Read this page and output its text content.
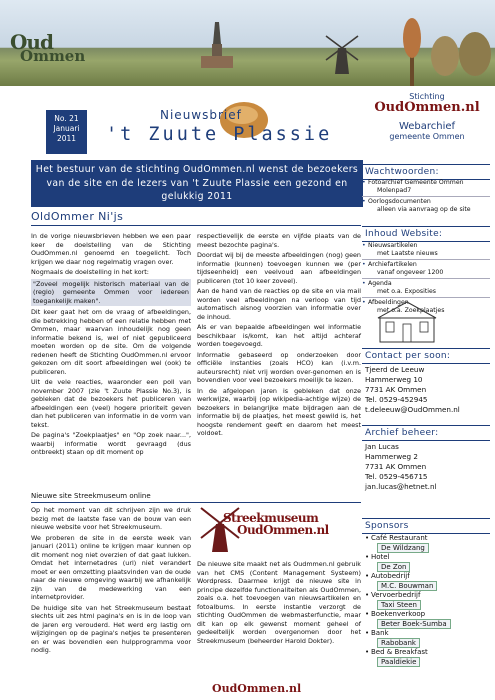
Oud
Ommen
No. 21
Januari
2011
Nieuwsbrief
't Zuute Plassie
Stichting
OudOmmen.nl
Webarchief
gemeente Ommen
Het bestuur van de stichting OudOmmen.nl wenst de bezoekers van de site en de lezers van 't Zuute Plassie een gezond en gelukkig 2011
Wachtwoorden:
• Fotoarchief Gemeente Ommen
Molenpad7
• Oorlogsdocumenten
alleen via aanvraag op de site
Inhoud Website:
• Nieuwsartikelen
met Laatste nieuws
• Archiefartikelen
vanaf ongeveer 1200
• Agenda
met o.a. Exposities
• Afbeeldingen
met o.a. Zoekplaatjes
Contact per soon:
Tjeerd de Leeuw
Hammerweg 10
7731 AK Ommen
Tel. 0529-452945
t.deleeuw@OudOmmen.nl
Archief beheer:
Jan Lucas
Hammerweg 2
7731 AK Ommen
Tel. 0529-456715
jan.lucas@hetnet.nl
Sponsors
• Café Restaurant
De Wildzang
• Hotel
De Zon
• Autobedrijf
M.C. Bouwman
• Vervoerbedrijf
Taxi Steen
• Boekenverkoop
Beter Boek-Sumba
• Bank
Rabobank
• Bed & Breakfast
Paaldiekie
OldOmmer Ni'js

In de vorige nieuwsbrieven hebben we een paar keer de doelstelling van de Stichting OudOmmen.nl genoemd en toegelicht. Toch krijgen we daar nog regelmatig vragen over.

Nogmaals de doelstelling in het kort:

"Zoveel mogelijk historisch materiaal van de (regio) gemeente Ommen voor iedereen toegankelijk maken".

Dit keer gaat het om de vraag of afbeeldingen, die betrekking hebben of een relatie hebben met Ommen, maar waarvan inhoudelijk nog geen informatie bekend is, wel of niet gepubliceerd moeten worden op de site. Om de volgende redenen heeft de Stichting OudOmmen.nl ervoor gekozen om dit soort afbeeldingen wel (ook) te publiceren.

Uit de vele reacties, waaronder een poll van november 2007 (zie 't Zuute Plassie No.3), is gebleken dat de bezoekers het publiceren van afbeeldingen een (veel) hogere prioriteit geven dan het publiceren van informatie in de vorm van tekst.

De pagina's "Zoekplaatjes" en "Op zoek naar...", waarbij informatie wordt gevraagd (dus ontbreekt) staan op dit moment op

respectievelijk de eerste en vijfde plaats van de meest bezochte pagina's.

Doordat wij bij de meeste afbeeldingen (nog) geen informatie (kunnen) toevoegen kunnen we (per tijdseenheid) een veelvoud aan afbeeldingen publiceren (tot 10 keer zoveel).

Aan de hand van de reacties op de site en via mail worden veel afbeeldingen na verloop van tijd automatisch alsnog voorzien van informatie over de inhoud.

Als er van bepaalde afbeeldingen wel informatie beschikbaar is/komt, kan het altijd achteraf worden toegevoegd.

Informatie gebaseerd op onderzoeken door officiële instanties (zoals HCO) kan (i.v.m. auteursrecht) niet vrij worden over-genomen en is bovendien voor veel bezoekers moeilijk te lezen.

In de afgelopen jaren is gebleken dat onze werkwijze, waarbij (op wikipedia-achtige wijze) de bezoekers in belangrijke mate bijdragen aan de informatie bij de plaatjes, het meest gewild is, het hoogste rendement geeft en daarom het meest voldoet.

Nieuwe site Streekmuseum online

Op het moment van dit schrijven zijn we druk bezig met de laatste fase van de bouw van een nieuwe website voor het Streekmuseum.

We proberen de site in de eerste week van januari (2011) online te krijgen maar kunnen op dit moment nog niet overzien of dat gaat lukken. Omdat het internetadres (url) niet verandert moet er een omzetting plaatsvinden van de oude naar de nieuwe omgeving waarbij we afhankelijk zijn van de medewerking van een internetprovider.

De huidige site van het Streekmuseum bestaat slechts uit zes html pagina's en is in de loop van de jaren erg verouderd. Het werd erg lastig om wijzigingen op de pagina's netjes te presenteren en er was bovendien een hulpprogramma voor nodig.

Streekmuseum
OudOmmen.nl

De nieuwe site maakt net als Oudmmen.nl gebruik van het CMS (Content Management Systeem) Wordpress. Daarmee krijgt de nieuwe site in principe dezelfde functionaliteiten als OudOmmen, zoals o.a. het toevoegen van nieuwsartikelen en fotoalbums. In eerste instantie verzorgt de stichting OudOmmen de webmasterfunctie, maar dit kan op elk gewenst moment geheel of gedeeltelijk worden overgenomen door het Streekmuseum (beheerder Harold Dokter).

OudOmmen.nl
